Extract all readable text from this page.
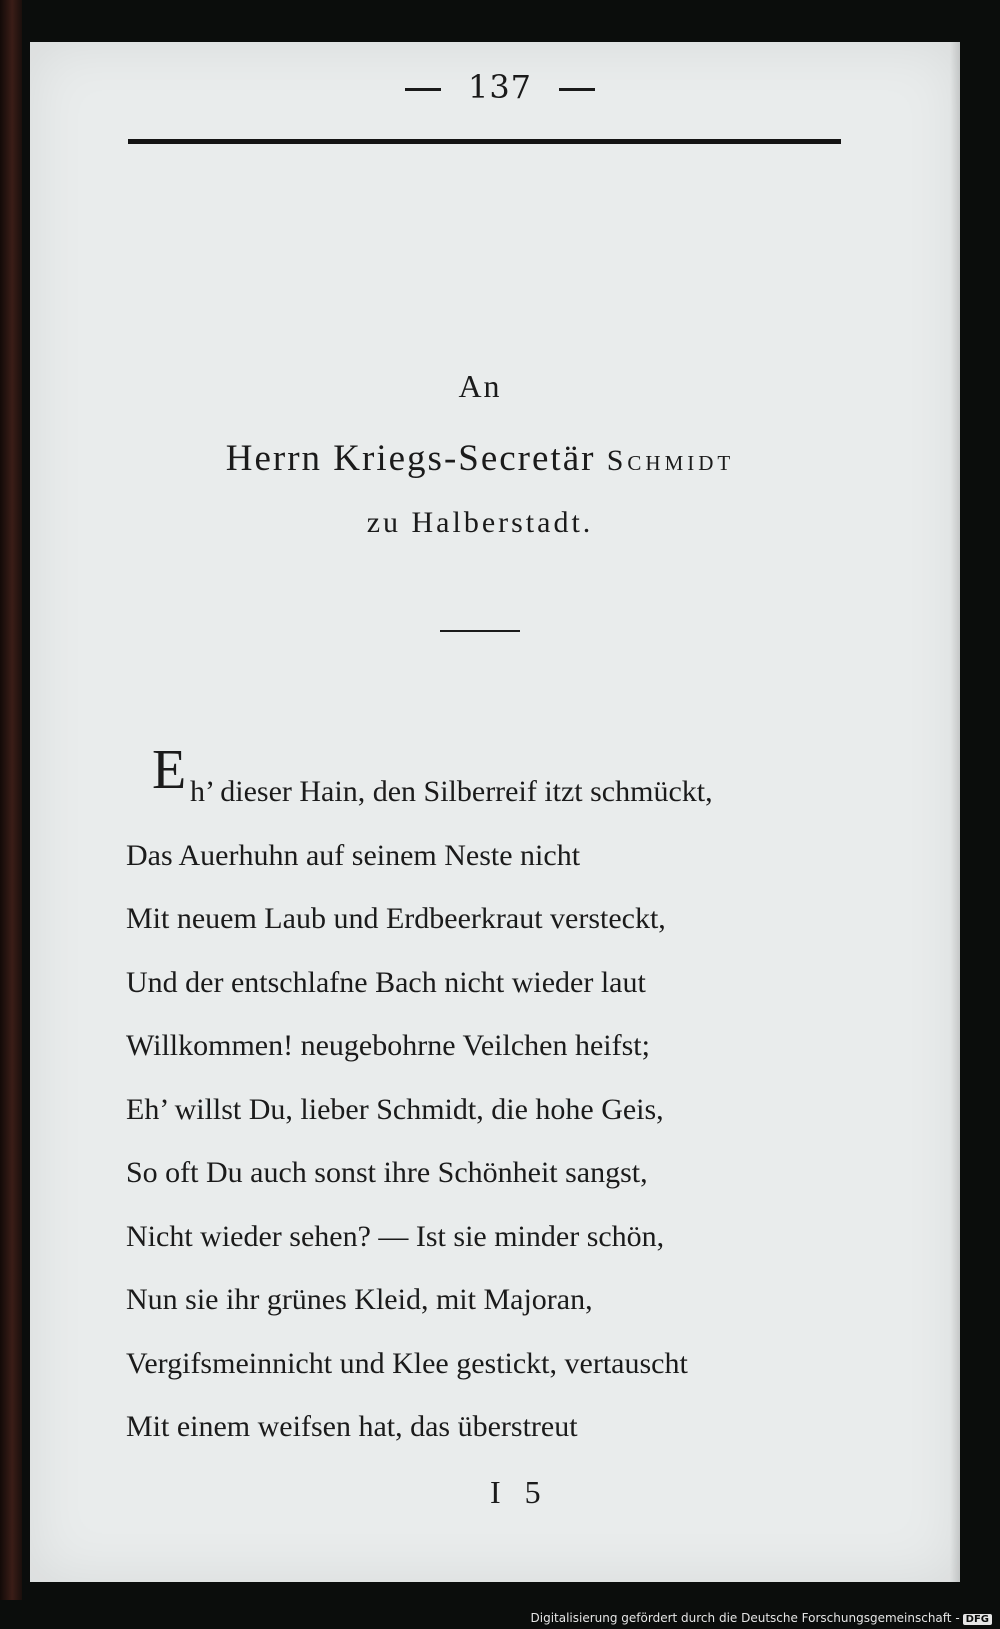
137
An
Herrn Kriegs-Secretär Schmidt
zu Halberstadt.
E h’ dieser Hain, den Silberreif itzt schmückt,
Das Auerhuhn auf seinem Neste nicht
Mit neuem Laub und Erdbeerkraut versteckt,
Und der entschlafne Bach nicht wieder laut
Willkommen! neugebohrne Veilchen heifst;
Eh’ willst Du, lieber Schmidt, die hohe Geis,
So oft Du auch sonst ihre Schönheit sangst,
Nicht wieder sehen? — Ist sie minder schön,
Nun sie ihr grünes Kleid, mit Majoran,
Vergifsmeinnicht und Klee gestickt, vertauscht
Mit einem weifsen hat, das überstreut
I 5
Digitalisierung gefördert durch die Deutsche Forschungsgemeinschaft - DFG
